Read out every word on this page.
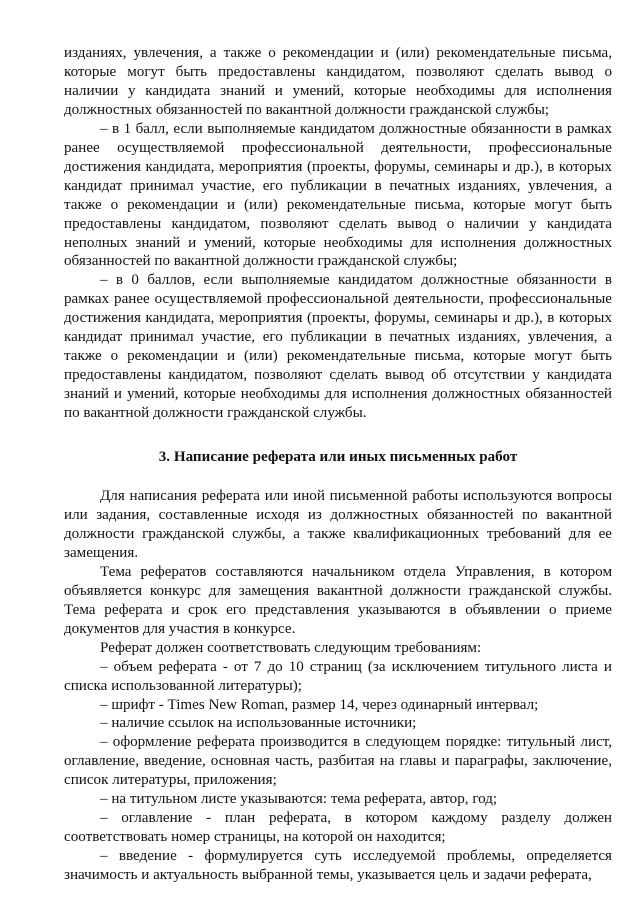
изданиях, увлечения, а также о рекомендации и (или) рекомендательные письма, которые могут быть предоставлены кандидатом, позволяют сделать вывод о наличии у кандидата знаний и умений, которые необходимы для исполнения должностных обязанностей по вакантной должности гражданской службы;

– в 1 балл, если выполняемые кандидатом должностные обязанности в рамках ранее осуществляемой профессиональной деятельности, профессиональные достижения кандидата, мероприятия (проекты, форумы, семинары и др.), в которых кандидат принимал участие, его публикации в печатных изданиях, увлечения, а также о рекомендации и (или) рекомендательные письма, которые могут быть предоставлены кандидатом, позволяют сделать вывод о наличии у кандидата неполных знаний и умений, которые необходимы для исполнения должностных обязанностей по вакантной должности гражданской службы;

– в 0 баллов, если выполняемые кандидатом должностные обязанности в рамках ранее осуществляемой профессиональной деятельности, профессиональные достижения кандидата, мероприятия (проекты, форумы, семинары и др.), в которых кандидат принимал участие, его публикации в печатных изданиях, увлечения, а также о рекомендации и (или) рекомендательные письма, которые могут быть предоставлены кандидатом, позволяют сделать вывод об отсутствии у кандидата знаний и умений, которые необходимы для исполнения должностных обязанностей по вакантной должности гражданской службы.

3. Написание реферата или иных письменных работ

Для написания реферата или иной письменной работы используются вопросы или задания, составленные исходя из должностных обязанностей по вакантной должности гражданской службы, а также квалификационных требований для ее замещения.

Тема рефератов составляются начальником отдела Управления, в котором объявляется конкурс для замещения вакантной должности гражданской службы. Тема реферата и срок его представления указываются в объявлении о приеме документов для участия в конкурсе.

Реферат должен соответствовать следующим требованиям:

– объем реферата - от 7 до 10 страниц (за исключением титульного листа и списка использованной литературы);

– шрифт - Times New Roman, размер 14, через одинарный интервал;

– наличие ссылок на использованные источники;

– оформление реферата производится в следующем порядке: титульный лист, оглавление, введение, основная часть, разбитая на главы и параграфы, заключение, список литературы, приложения;

– на титульном листе указываются: тема реферата, автор, год;

– оглавление - план реферата, в котором каждому разделу должен соответствовать номер страницы, на которой он находится;

– введение - формулируется суть исследуемой проблемы, определяется значимость и актуальность выбранной темы, указывается цель и задачи реферата,
